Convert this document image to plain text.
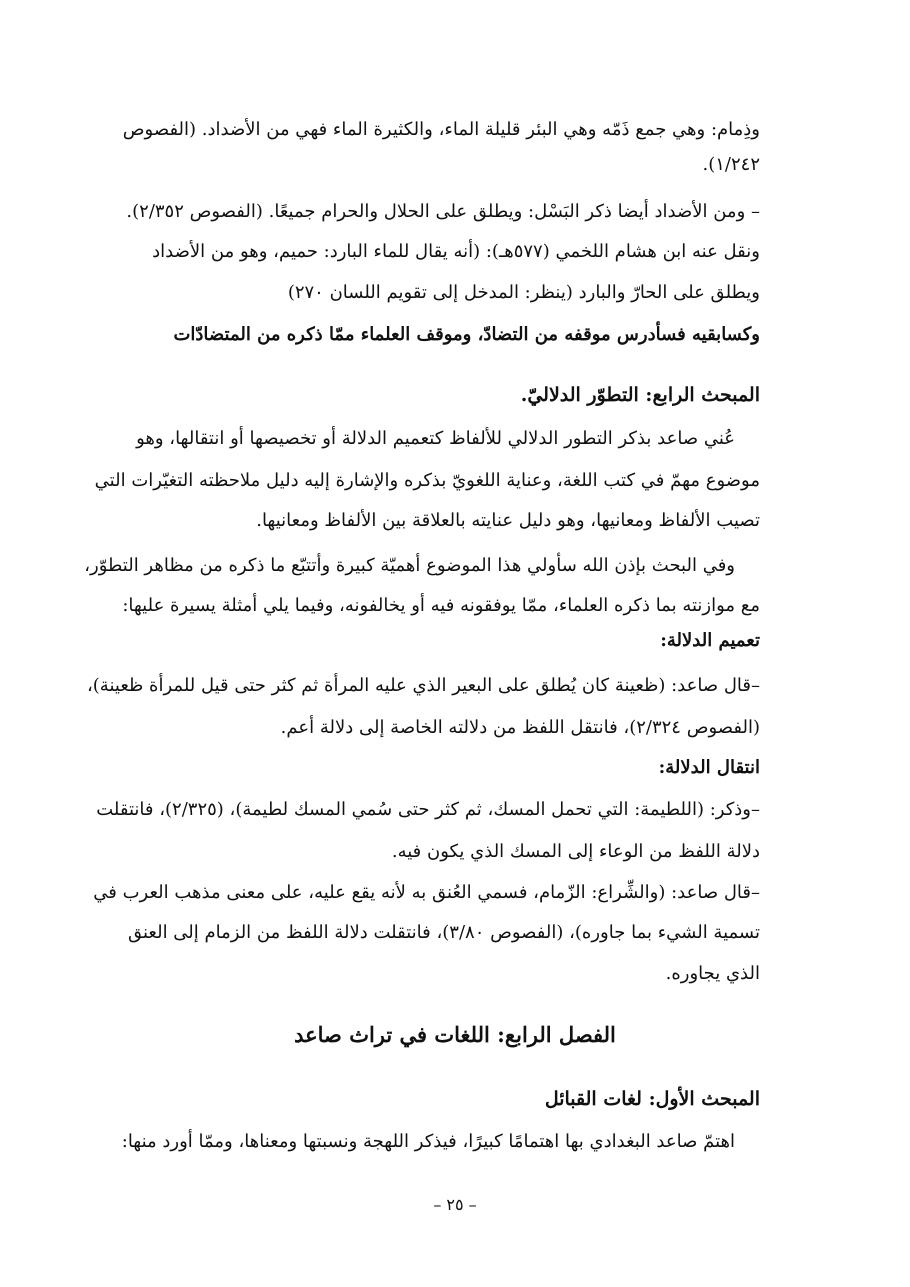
وذِمام: وهي جمع ذَمّه وهي البئر قليلة الماء، والكثيرة الماء فهي من الأضداد. (الفصوص
١/٢٤٢).
– ومن الأضداد أيضا ذكر البَسْل: ويطلق على الحلال والحرام جميعًا. (الفصوص ٢/٣٥٢).
ونقل عنه ابن هشام اللخمي (٥٧٧هـ): (أنه يقال للماء البارد: حميم، وهو من الأضداد
ويطلق على الحارّ والبارد (ينظر: المدخل إلى تقويم اللسان ٢٧٠)
وكسابقيه فسأدرس موقفه من التضادّ، وموقف العلماء ممّا ذكره من المتضادّات
المبحث الرابع: التطوّر الدلاليّ.
عُني صاعد بذكر التطور الدلالي للألفاظ كتعميم الدلالة أو تخصيصها أو انتقالها، وهو
موضوع مهمّ في كتب اللغة، وعناية اللغويّ بذكره والإشارة إليه دليل ملاحظته التغيّرات التي
تصيب الألفاظ ومعانيها، وهو دليل عنايته بالعلاقة بين الألفاظ ومعانيها.
وفي البحث بإذن الله سأولي هذا الموضوع أهميّة كبيرة وأتتبّع ما ذكره من مظاهر التطوّر،
مع موازنته بما ذكره العلماء، ممّا يوفقونه فيه أو يخالفونه، وفيما يلي أمثلة يسيرة عليها:
تعميم الدلالة:
–قال صاعد: (ظعينة كان يُطلق على البعير الذي عليه المرأة ثم كثر حتى قيل للمرأة ظعينة)،
(الفصوص ٢/٣٢٤)، فانتقل اللفظ من دلالته الخاصة إلى دلالة أعم.
انتقال الدلالة:
–وذكر: (اللطيمة: التي تحمل المسك، ثم كثر حتى سُمي المسك لطيمة)، (٢/٣٢٥)، فانتقلت
دلالة اللفظ من الوعاء إلى المسك الذي يكون فيه.
–قال صاعد: (والشِّراع: الزّمام، فسمي العُنق به لأنه يقع عليه، على معنى مذهب العرب في
تسمية الشيء بما جاوره)، (الفصوص ٣/٨٠)، فانتقلت دلالة اللفظ من الزمام إلى العنق
الذي يجاوره.
الفصل الرابع: اللغات في تراث صاعد
المبحث الأول: لغات القبائل
اهتمّ صاعد البغدادي بها اهتمامًا كبيرًا، فيذكر اللهجة ونسبتها ومعناها، وممّا أورد منها:
– ٢٥ –
